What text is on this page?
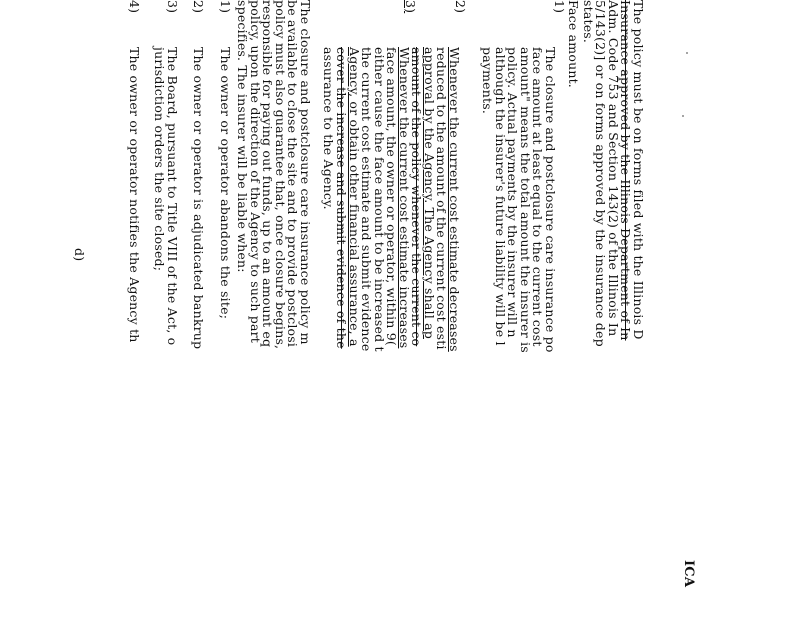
ICA
The policy must be on forms filed with the Illinois D
Insurance approved by the Illinois Department of In
Adm. Code 753 and Section 143(2) of the Illinois In
5/143(2)] or on forms approved by the insurance dep
states.
Face amount.
1)
The closure and postclosure care insurance po
face amount at least equal to the current cost
amount" means the total amount the insurer is
policy. Actual payments by the insurer will n
although the insurer's future liability will be l
payments.
2)
Whenever the current cost estimate decreases
reduced to the amount of the current cost esti
approval by the Agency. The Agency shall ap
amount of the policy whenever the current co
3)
Whenever the current cost estimate increases
face amount, the owner or operator, within 9(
either cause the face amount to be increased t
the current cost estimate and submit evidence
Agency, or obtain other financial assurance, a
cover the increase and submit evidence of the
assurance to the Agency.
The closure and postclosure care insurance policy m
be available to close the site and to provide postclosi
policy must also guarantee that, once closure begins,
responsible for paying out funds, up to an amount eq
policy, upon the direction of the Agency to such part
specifies. The insurer will be liable when:
1)
The owner or operator abandons the site;
2)
The owner or operator is adjudicated bankrup
3)
The Board, pursuant to Title VIII of the Act, o
jurisdiction orders the site closed;
4)
The owner or operator notifies the Agency th
d)
